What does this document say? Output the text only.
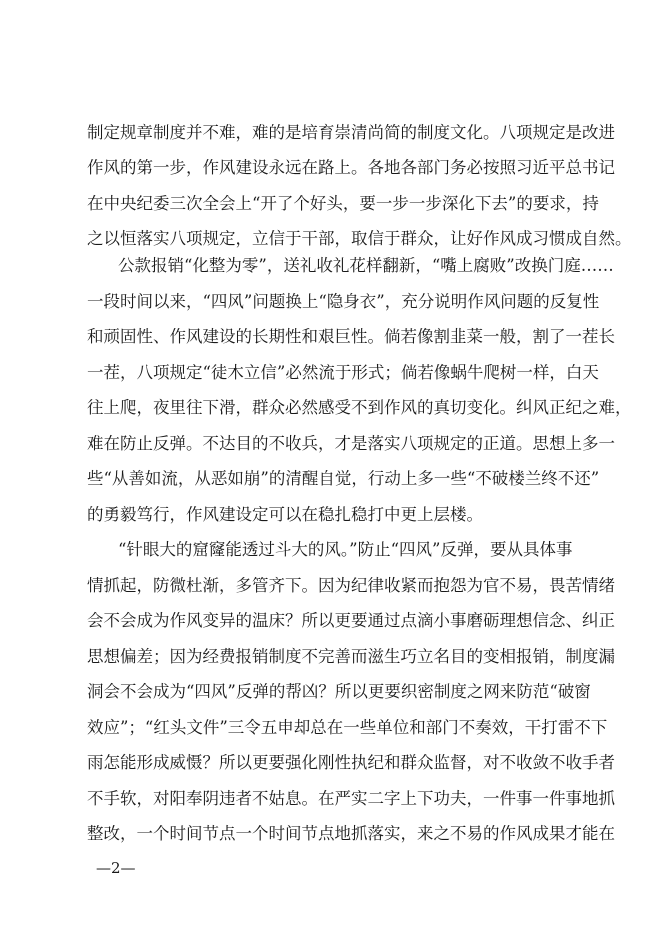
制定规章制度并不难，难的是培育崇清尚简的制度文化。八项规定是改进
作风的第一步，作风建设永远在路上。各地各部门务必按照习近平总书记
在中央纪委三次全会上“开了个好头，要一步一步深化下去”的要求，持
之以恒落实八项规定，立信于干部，取信于群众，让好作风成习惯成自然。
公款报销“化整为零”，送礼收礼花样翻新，“嘴上腐败”改换门庭……
一段时间以来，“四风”问题换上“隐身衣”，充分说明作风问题的反复性
和顽固性、作风建设的长期性和艰巨性。倘若像割韭菜一般，割了一茬长
一茬，八项规定“徒木立信”必然流于形式；倘若像蜗牛爬树一样，白天
往上爬，夜里往下滑，群众必然感受不到作风的真切变化。纠风正纪之难，
难在防止反弹。不达目的不收兵，才是落实八项规定的正道。思想上多一
些“从善如流，从恶如崩”的清醒自觉，行动上多一些“不破楼兰终不还”
的勇毅笃行，作风建设定可以在稳扎稳打中更上层楼。
“针眼大的窟窿能透过斗大的风。”防止“四风”反弹，要从具体事
情抓起，防微杜渐，多管齐下。因为纪律收紧而抱怨为官不易，畏苦情绪
会不会成为作风变异的温床？所以更要通过点滴小事磨砺理想信念、纠正
思想偏差；因为经费报销制度不完善而滋生巧立名目的变相报销，制度漏
洞会不会成为“四风”反弹的帮凶？所以更要织密制度之网来防范“破窗
效应”；“红头文件”三令五申却总在一些单位和部门不奏效，干打雷不下
雨怎能形成威慑？所以更要强化刚性执纪和群众监督，对不收敛不收手者
不手软，对阳奉阴违者不姑息。在严实二字上下功夫，一件事一件事地抓
整改，一个时间节点一个时间节点地抓落实，来之不易的作风成果才能在
—2—
